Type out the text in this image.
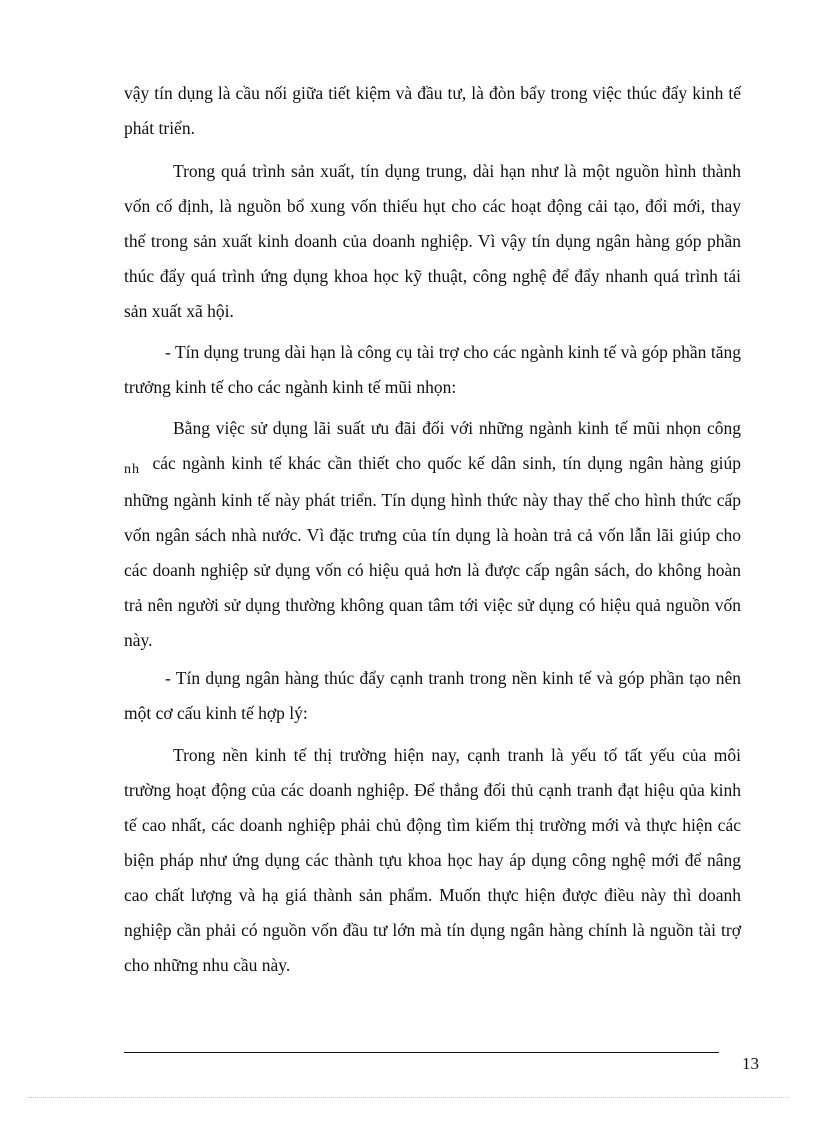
vậy tín dụng là cầu nối giữa tiết kiệm và đầu tư, là đòn bẩy trong việc thúc đẩy kinh tế phát triển.

Trong quá trình sản xuất, tín dụng trung, dài hạn như là một nguồn hình thành vốn cố định, là nguồn bổ xung vốn thiếu hụt cho các hoạt động cải tạo, đổi mới, thay thế trong sản xuất kinh doanh của doanh nghiệp. Vì vậy tín dụng ngân hàng góp phần thúc đẩy quá trình ứng dụng khoa học kỹ thuật, công nghệ để đẩy nhanh quá trình tái sản xuất xã hội.

- Tín dụng trung dài hạn là công cụ tài trợ cho các ngành kinh tế và góp phần tăng trưởng kinh tế cho các ngành kinh tế mũi nhọn:

Bằng việc sử dụng lãi suất ưu đãi đối với những ngành kinh tế mũi nhọn công $_{nh}$ các ngành kinh tế khác cần thiết cho quốc kế dân sinh, tín dụng ngân hàng giúp những ngành kinh tế này phát triển. Tín dụng hình thức này thay thế cho hình thức cấp vốn ngân sách nhà nước. Vì đặc trưng của tín dụng là hoàn trả cả vốn lẫn lãi giúp cho các doanh nghiệp sử dụng vốn có hiệu quả hơn là được cấp ngân sách, do không hoàn trả nên người sử dụng thường không quan tâm tới việc sử dụng có hiệu quả nguồn vốn này.

- Tín dụng ngân hàng thúc đẩy cạnh tranh trong nền kinh tế và góp phần tạo nên một cơ cấu kinh tế hợp lý:

Trong nền kinh tế thị trường hiện nay, cạnh tranh là yếu tố tất yếu của môi trường hoạt động của các doanh nghiệp. Để thắng đối thủ cạnh tranh đạt hiệu qủa kinh tế cao nhất, các doanh nghiệp phải chủ động tìm kiếm thị trường mới và thực hiện các biện pháp như ứng dụng các thành tựu khoa học hay áp dụng công nghệ mới để nâng cao chất lượng và hạ giá thành sản phẩm. Muốn thực hiện được điều này thì doanh nghiệp cần phải có nguồn vốn đầu tư lớn mà tín dụng ngân hàng chính là nguồn tài trợ cho những nhu cầu này.

13
